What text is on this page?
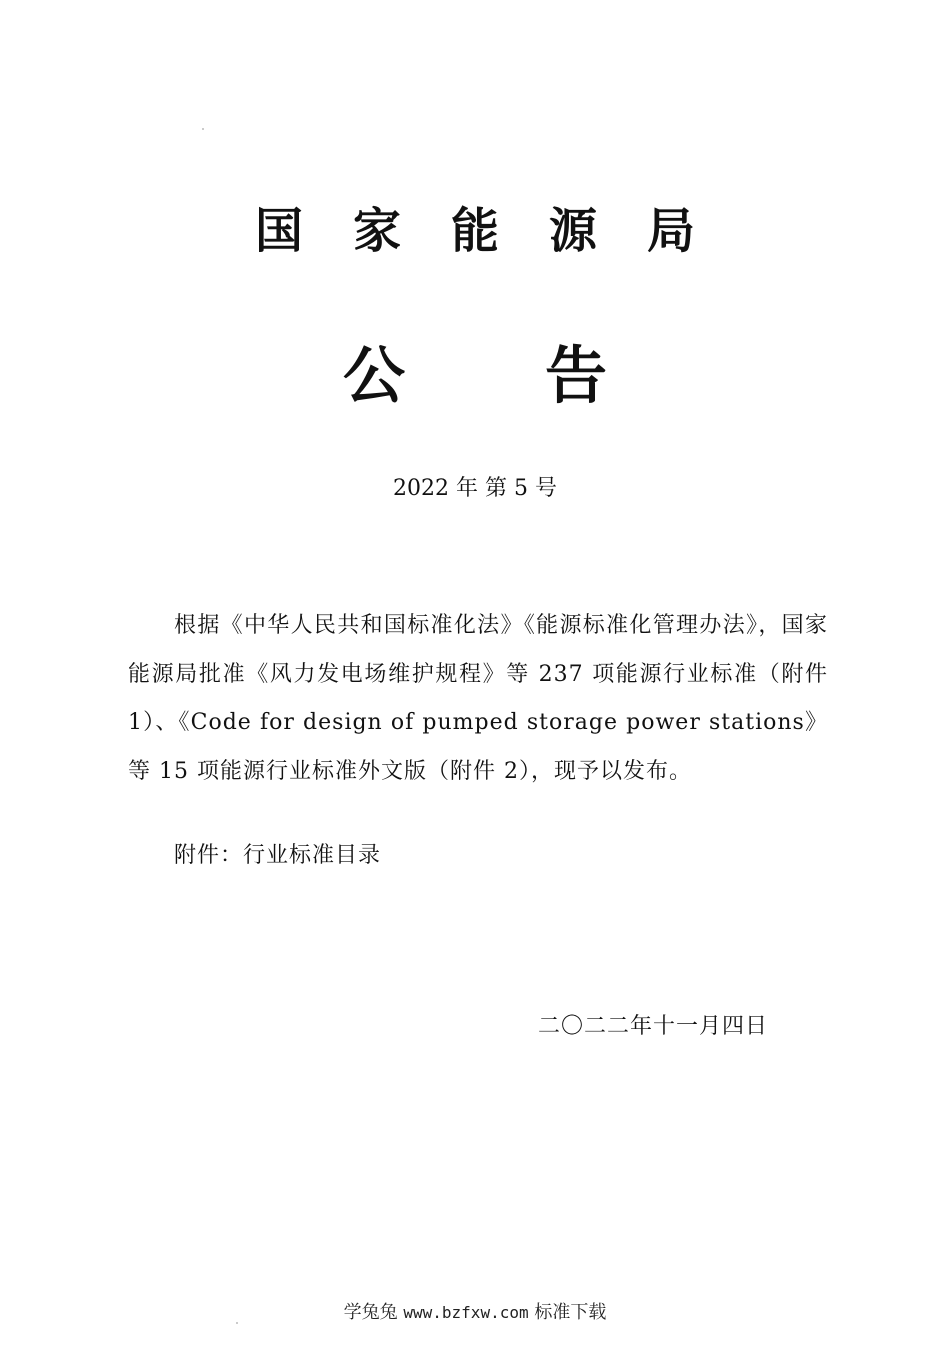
国家能源局
公告
2022 年 第 5 号
根据《中华人民共和国标准化法》《能源标准化管理办法》，国家能源局批准《风力发电场维护规程》等 237 项能源行业标准（附件 1）、《Code for design of pumped storage power stations》等 15 项能源行业标准外文版（附件 2），现予以发布。
附件：行业标准目录
二〇二二年十一月四日
学兔兔 www.bzfxw.com 标准下载
